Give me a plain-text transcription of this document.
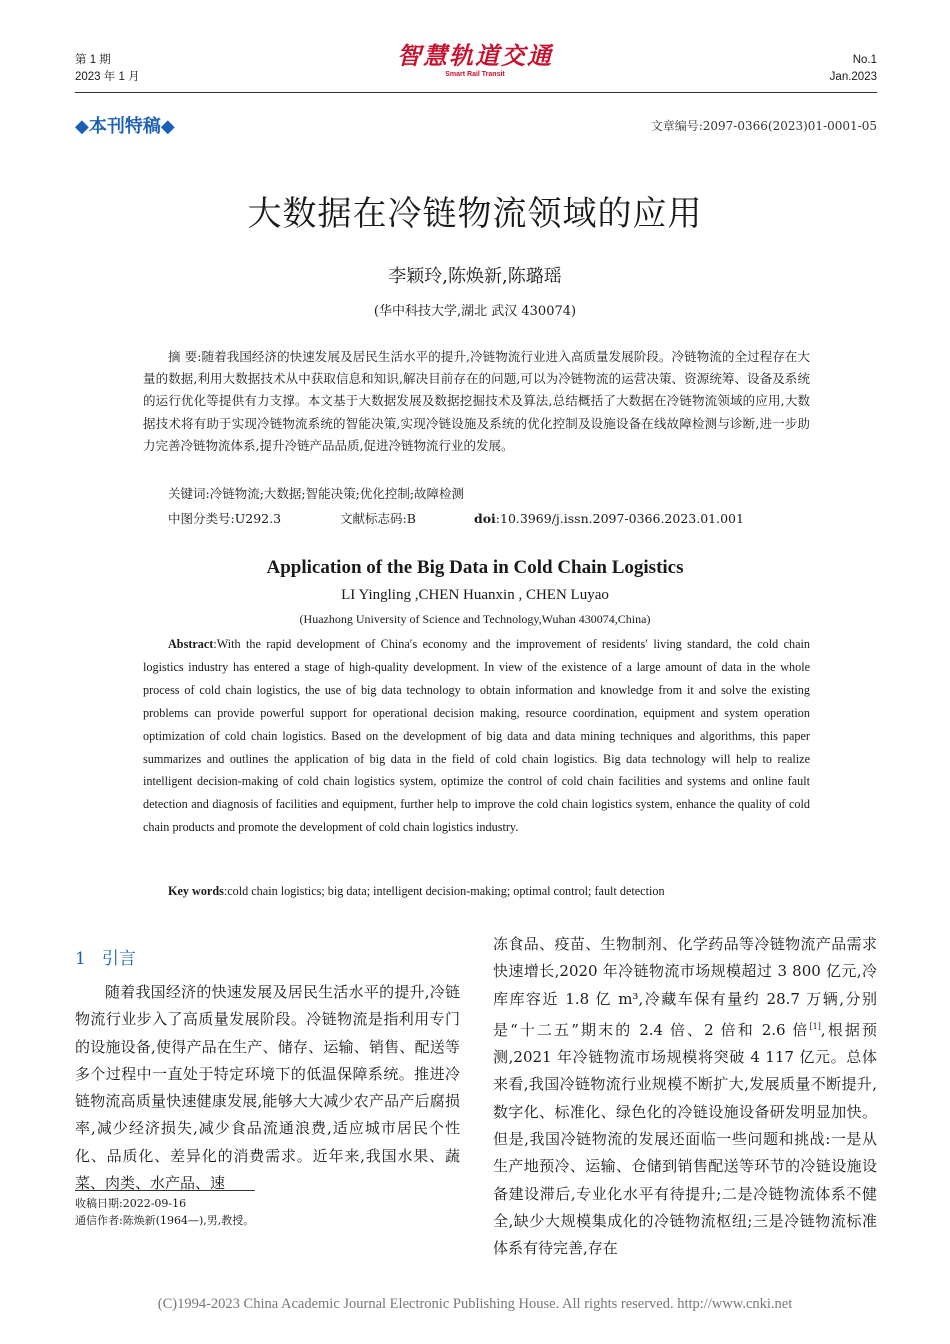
第 1 期
2023 年 1 月
智慧轨道交通
Smart Rail Transit
No.1
Jan.2023
◆本刊特稿◆	文章编号:2097-0366(2023)01-0001-05
大数据在冷链物流领域的应用
李颖玲,陈焕新,陈璐瑶
(华中科技大学,湖北 武汉 430074)

摘 要:随着我国经济的快速发展及居民生活水平的提升,冷链物流行业进入高质量发展阶段。冷链物流的全过程存在大量的数据,利用大数据技术从中获取信息和知识,解决目前存在的问题,可以为冷链物流的运营决策、资源统筹、设备及系统的运行优化等提供有力支撑。本文基于大数据发展及数据挖掘技术及算法,总结概括了大数据在冷链物流领域的应用,大数据技术将有助于实现冷链物流系统的智能决策,实现冷链设施及系统的优化控制及设施设备在线故障检测与诊断,进一步助力完善冷链物流体系,提升冷链产品品质,促进冷链物流行业的发展。

关键词:冷链物流;大数据;智能决策;优化控制;故障检测
中图分类号:U292.3	文献标志码:B	doi:10.3969/j.issn.2097-0366.2023.01.001
Application of the Big Data in Cold Chain Logistics
LI Yingling ,CHEN Huanxin , CHEN Luyao
(Huazhong University of Science and Technology,Wuhan 430074,China)

Abstract:With the rapid development of China′s economy and the improvement of residents′ living standard, the cold chain logistics industry has entered a stage of high-quality development. In view of the existence of a large amount of data in the whole process of cold chain logistics, the use of big data technology to obtain information and knowledge from it and solve the existing problems can provide powerful support for operational decision making, resource coordination, equipment and system operation optimization of cold chain logistics. Based on the development of big data and data mining techniques and algorithms, this paper summarizes and outlines the application of big data in the field of cold chain logistics. Big data technology will help to realize intelligent decision-making of cold chain logistics system, optimize the control of cold chain facilities and systems and online fault detection and diagnosis of facilities and equipment, further help to improve the cold chain logistics system, enhance the quality of cold chain products and promote the development of cold chain logistics industry.

Key words:cold chain logistics; big data; intelligent decision-making; optimal control; fault detection
1 引言

随着我国经济的快速发展及居民生活水平的提升,冷链物流行业步入了高质量发展阶段。冷链物流是指利用专门的设施设备,使得产品在生产、储存、运输、销售、配送等多个过程中一直处于特定环境下的低温保障系统。推进冷链物流高质量快速健康发展,能够大大减少农产品产后腐损率,减少经济损失,减少食品流通浪费,适应城市居民个性化、品质化、差异化的消费需求。近年来,我国水果、蔬菜、肉类、水产品、速

冻食品、疫苗、生物制剂、化学药品等冷链物流产品需求快速增长,2020 年冷链物流市场规模超过 3 800 亿元,冷库库容近 1.8 亿 m³,冷藏车保有量约 28.7 万辆,分别是“十二五”期末的 2.4 倍、2 倍和 2.6 倍[1],根据预测,2021 年冷链物流市场规模将突破 4 117 亿元。总体来看,我国冷链物流行业规模不断扩大,发展质量不断提升,数字化、标准化、绿色化的冷链设施设备研发明显加快。但是,我国冷链物流的发展还面临一些问题和挑战:一是从生产地预冷、运输、仓储到销售配送等环节的冷链设施设备建设滞后,专业化水平有待提升;二是冷链物流体系不健全,缺少大规模集成化的冷链物流枢纽;三是冷链物流标准体系有待完善,存在

收稿日期:2022-09-16
通信作者:陈焕新(1964—),男,教授。
(C)1994-2023 China Academic Journal Electronic Publishing House. All rights reserved. http://www.cnki.net
